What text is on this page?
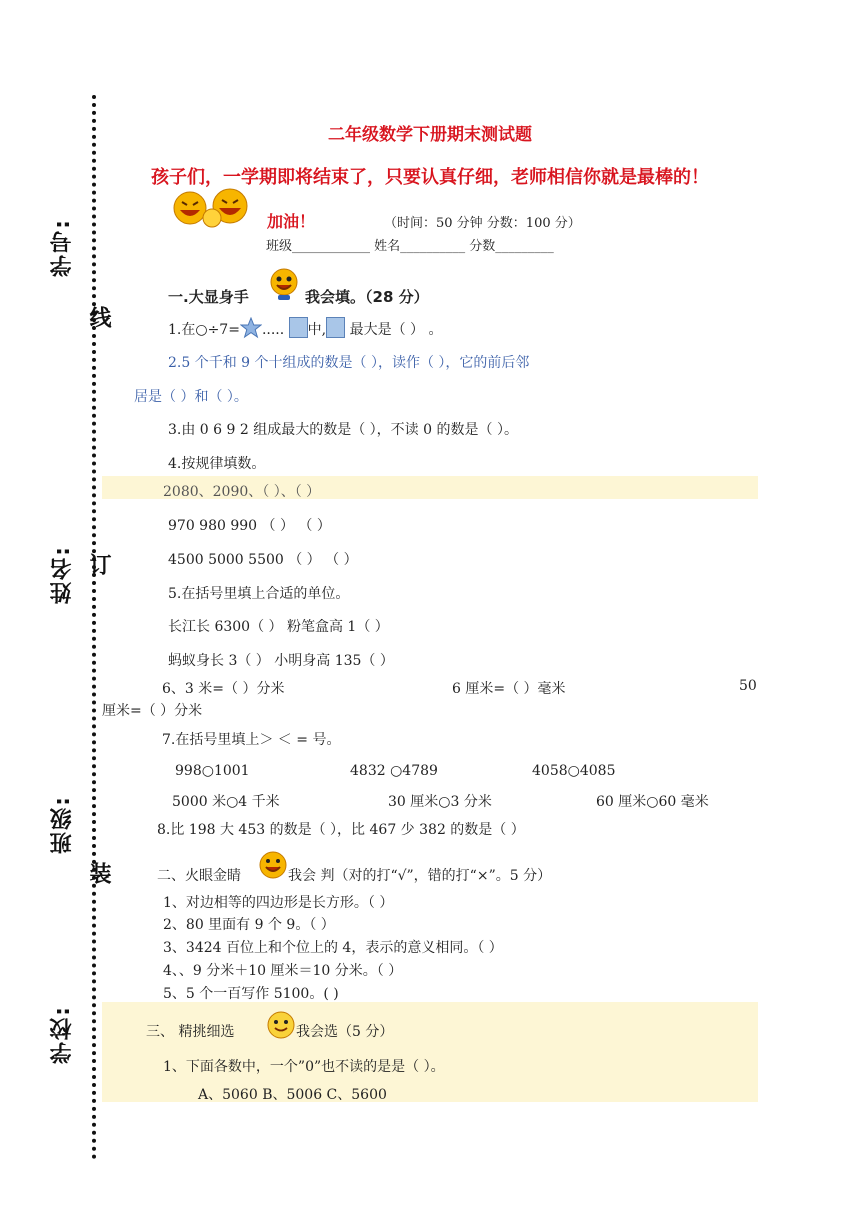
学号:
姓名:
班级:
学校:
线
订
装
二年级数学下册期末测试题
孩子们，一学期即将结束了，只要认真仔细，老师相信你就是最棒的！
加油！	（时间：50 分钟 分数：100 分）
班级____________ 姓名__________ 分数_________
一.大显身手	我会填。（28 分）
1.在○÷7= ..... 中, 最大是（ ） 。
2.5 个千和 9 个十组成的数是（ ），读作（ ），它的前后邻
居是（ ）和（ ）。
3.由 0 6 9 2 组成最大的数是（ ），不读 0 的数是（ ）。
4.按规律填数。
2080、2090、（ ）、（ ）
970 980 990 （ ） （ ）
4500 5000 5500 （ ） （ ）
5.在括号里填上合适的单位。
长江长 6300（ ） 粉笔盒高 1（ ）
蚂蚁身长 3（ ） 小明身高 135（ ）
6、3 米=（ ）分米	6 厘米=（ ）毫米	50
厘米=（ ）分米
7.在括号里填上＞ ＜ = 号。
998○1001	4832 ○4789	4058○4085
5000 米○4 千米	30 厘米○3 分米	60 厘米○60 毫米
8.比 198 大 453 的数是（ ），比 467 少 382 的数是（ ）
二、火眼金睛	我会 判（对的打“√”，错的打“×”。5 分）
1、对边相等的四边形是长方形。（ ）
2、80 里面有 9 个 9。（ ）
3、3424 百位上和个位上的 4，表示的意义相同。（ ）
4、、9 分米＋10 厘米＝10 分米。（ ）
5、5 个一百写作 5100。( )
三、 精挑细选	我会选（5 分）
1、下面各数中，一个”0”也不读的是是（ ）。
A、5060 B、5006 C、5600
